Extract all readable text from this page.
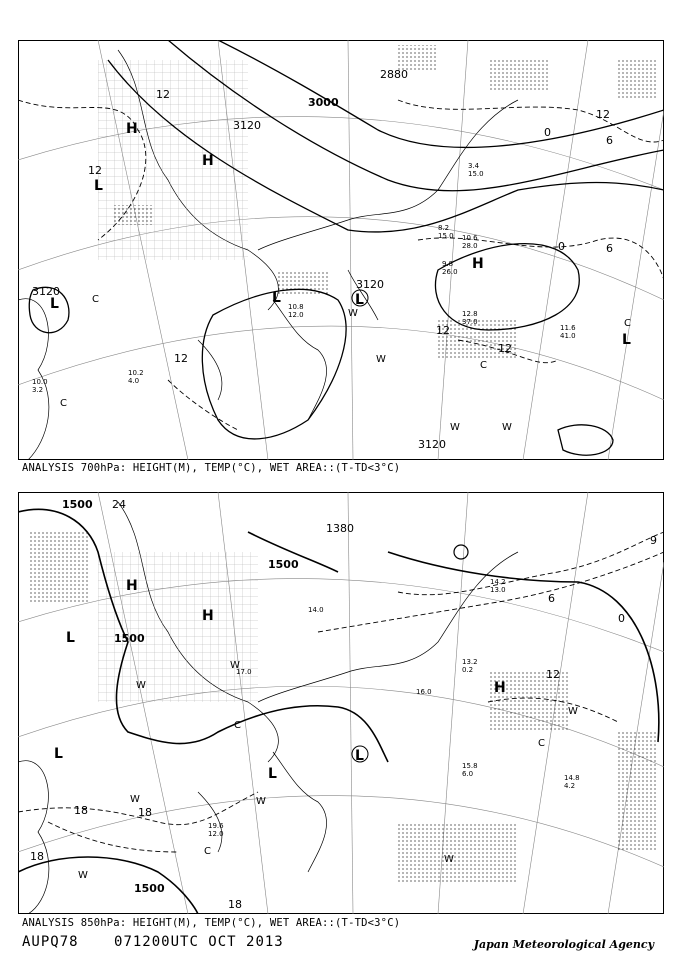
3000
2880
3120
3120
3120
3120
12
12
12
12
12
6
6
0
0
12
H
H
H
L
L	L	L
L
C
C
C
C
W
W
W	W
10.8
12.0
9.8
26.0
11.6
41.0
12.8
37.0
3.4
15.0
8.2
15.0 10.6
28.0
10.2
4.0
10.0
3.2
ANALYSIS 700hPa: HEIGHT(M), TEMP(°C), WET AREA::(T-TD<3°C)
1500
1500
1500
1500
1380
24
18	18
18
18
12
6
0
9
H
H
H
L
L
L
L
C
C
C
W
W
W
W	W
W
W
17.0
14.0
16.0
15.8
6.0	14.8
4.2
13.2
0.2
19.6
12.0
14.2
13.0
ANALYSIS 850hPa: HEIGHT(M), TEMP(°C), WET AREA::(T-TD<3°C)
AUPQ78	071200UTC OCT 2013	Japan Meteorological Agency
